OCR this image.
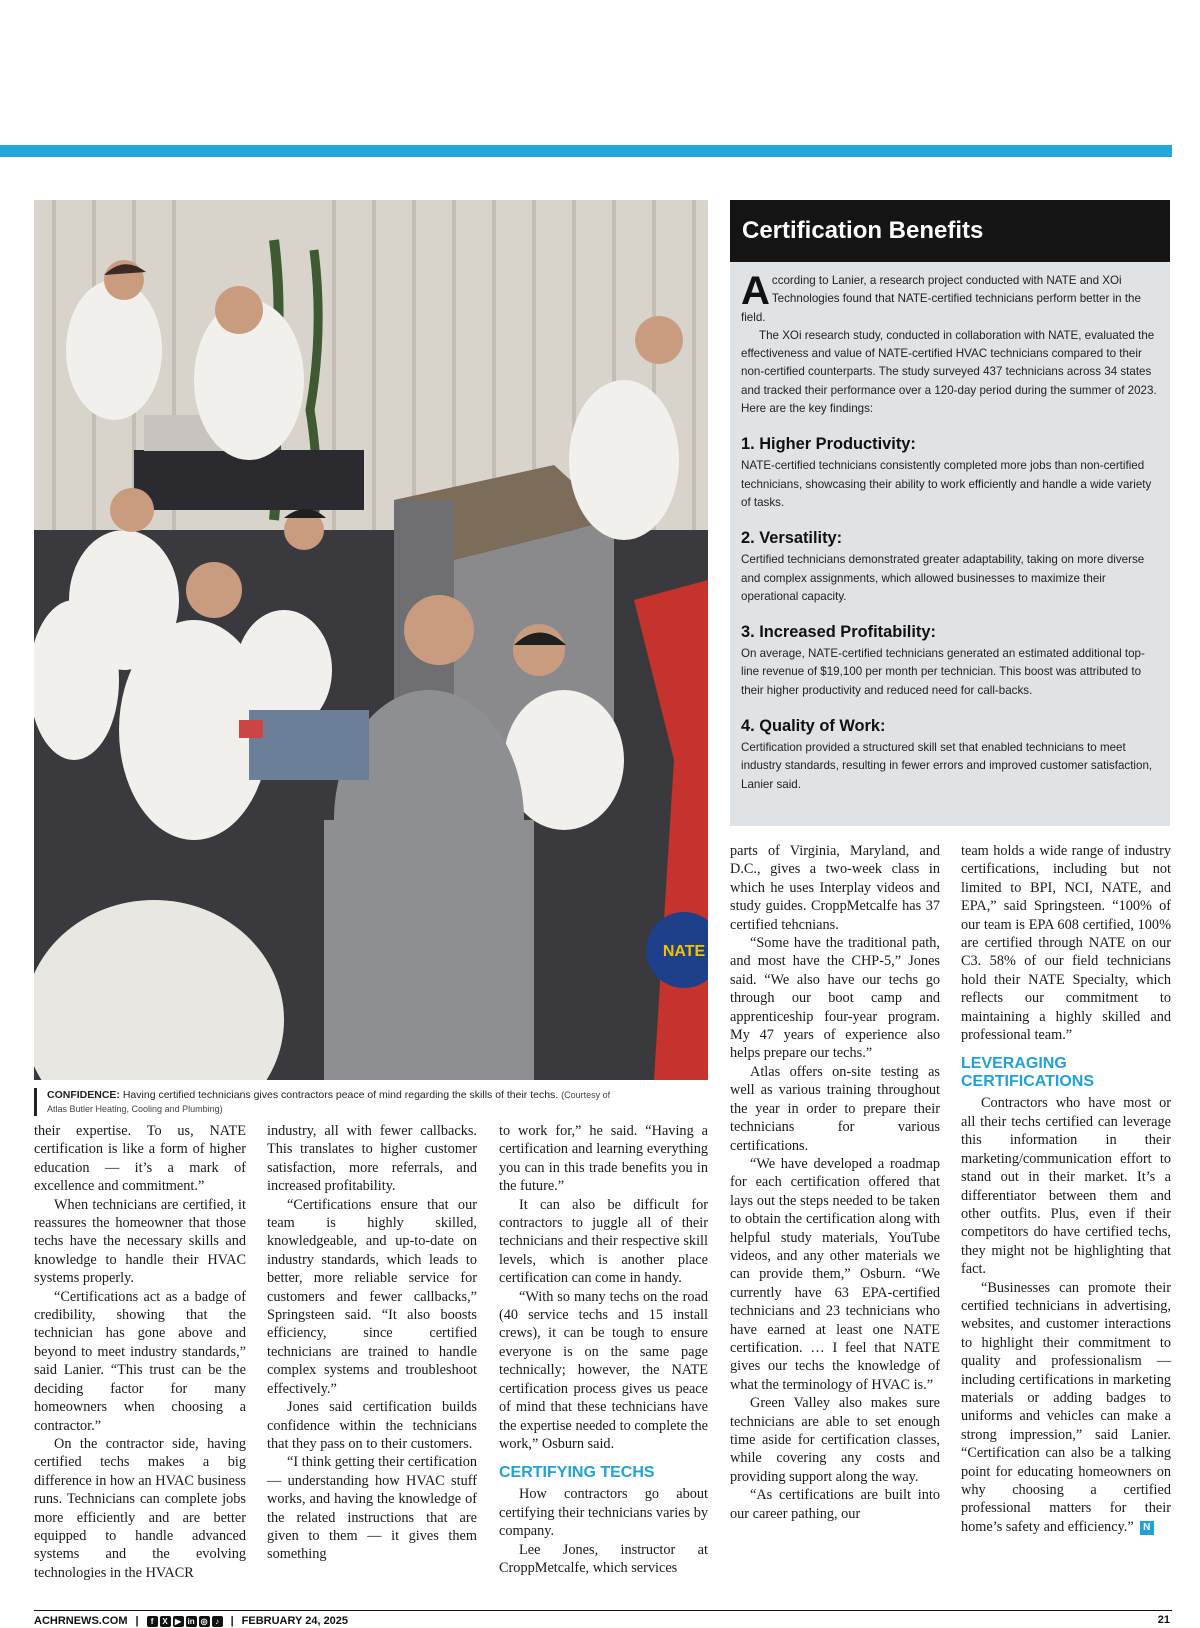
NATE
CONFIDENCE: Having certified technicians gives contractors peace of mind regarding the skills of their techs. (Courtesy of
Atlas Butler Heating, Cooling and Plumbing)
Certification Benefits

According to Lanier, a research project conducted with NATE and XOi Technologies found that NATE-certified technicians perform better in the field.

The XOi research study, conducted in collaboration with NATE, evaluated the effectiveness and value of NATE-certified HVAC technicians compared to their non-certified counterparts. The study surveyed 437 technicians across 34 states and tracked their performance over a 120-day period during the summer of 2023. Here are the key findings:

1. Higher Productivity:

NATE-certified technicians consistently completed more jobs than non-certified technicians, showcasing their ability to work efficiently and handle a wide variety of tasks.

2. Versatility:

Certified technicians demonstrated greater adaptability, taking on more diverse and complex assignments, which allowed businesses to maximize their operational capacity.

3. Increased Profitability:

On average, NATE-certified technicians generated an estimated additional top-line revenue of $19,100 per month per technician. This boost was attributed to their higher productivity and reduced need for call-backs.

4. Quality of Work:

Certification provided a structured skill set that enabled technicians to meet industry standards, resulting in fewer errors and improved customer satisfaction, Lanier said.

their expertise. To us, NATE certification is like a form of higher education — it’s a mark of excellence and commitment.”

When technicians are certified, it reassures the homeowner that those techs have the necessary skills and knowledge to handle their HVAC systems properly.

“Certifications act as a badge of credibility, showing that the technician has gone above and beyond to meet industry standards,” said Lanier. “This trust can be the deciding factor for many homeowners when choosing a contractor.”

On the contractor side, having certified techs makes a big difference in how an HVAC business runs. Technicians can complete jobs more efficiently and are better equipped to handle advanced systems and the evolving technologies in the HVACR

industry, all with fewer callbacks. This translates to higher customer satisfaction, more referrals, and increased profitability.

“Certifications ensure that our team is highly skilled, knowledgeable, and up-to-date on industry standards, which leads to better, more reliable service for customers and fewer callbacks,” Springsteen said. “It also boosts efficiency, since certified technicians are trained to handle complex systems and troubleshoot effectively.”

Jones said certification builds confidence within the technicians that they pass on to their customers.

“I think getting their certification — understanding how HVAC stuff works, and having the knowledge of the related instructions that are given to them — it gives them something

to work for,” he said. “Having a certification and learning everything you can in this trade benefits you in the future.”

It can also be difficult for contractors to juggle all of their technicians and their respective skill levels, which is another place certification can come in handy.

“With so many techs on the road (40 service techs and 15 install crews), it can be tough to ensure everyone is on the same page technically; however, the NATE certification process gives us peace of mind that these technicians have the expertise needed to complete the work,” Osburn said.

CERTIFYING TECHS

How contractors go about certifying their technicians varies by company.

Lee Jones, instructor at CroppMetcalfe, which services

parts of Virginia, Maryland, and D.C., gives a two-week class in which he uses Interplay videos and study guides. CroppMetcalfe has 37 certified tehcnians.

“Some have the traditional path, and most have the CHP-5,” Jones said. “We also have our techs go through our boot camp and apprenticeship four-year program. My 47 years of experience also helps prepare our techs.”

Atlas offers on-site testing as well as various training throughout the year in order to prepare their technicians for various certifications.

“We have developed a roadmap for each certification offered that lays out the steps needed to be taken to obtain the certification along with helpful study materials, YouTube videos, and any other materials we can provide them,” Osburn. “We currently have 63 EPA-certified technicians and 23 technicians who have earned at least one NATE certification. … I feel that NATE gives our techs the knowledge of what the terminology of HVAC is.”

Green Valley also makes sure technicians are able to set enough time aside for certification classes, while covering any costs and providing support along the way.

“As certifications are built into our career pathing, our

team holds a wide range of industry certifications, including but not limited to BPI, NCI, NATE, and EPA,” said Springsteen. “100% of our team is EPA 608 certified, 100% are certified through NATE on our C3. 58% of our field technicians hold their NATE Specialty, which reflects our commitment to maintaining a highly skilled and professional team.”

LEVERAGING CERTIFICATIONS

Contractors who have most or all their techs certified can leverage this information in their marketing/communication effort to stand out in their market. It’s a differentiator between them and other outfits. Plus, even if their competitors do have certified techs, they might not be highlighting that fact.

“Businesses can promote their certified technicians in advertising, websites, and customer interactions to highlight their commitment to quality and professionalism — including certifications in marketing materials or adding badges to uniforms and vehicles can make a strong impression,” said Lanier. “Certification can also be a talking point for educating homeowners on why choosing a certified professional matters for their home’s safety and efficiency.” N

ACHRNEWS.COM |	f	X ▶ in ◎ ♪	| FEBRUARY 24, 2025	21
